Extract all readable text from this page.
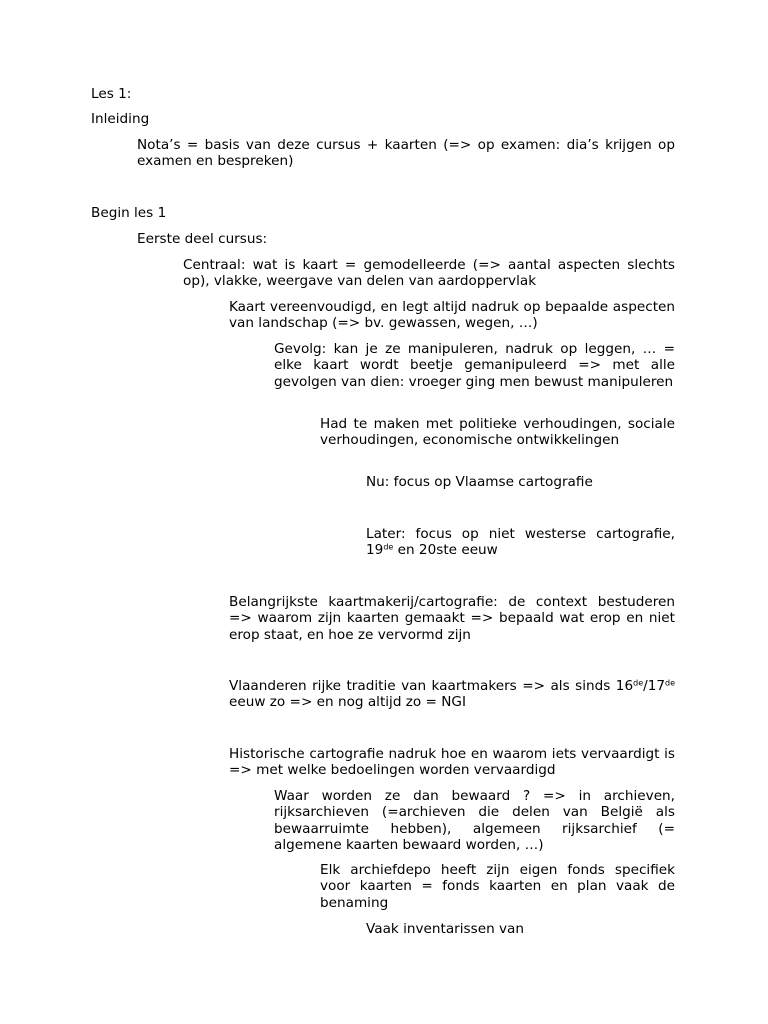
Les 1:

Inleiding

Nota’s = basis van deze cursus + kaarten (=> op examen: dia’s krijgen op examen en bespreken)

Begin les 1

Eerste deel cursus:

Centraal: wat is kaart = gemodelleerde (=> aantal aspecten slechts op), vlakke, weergave van delen van aardoppervlak

Kaart vereenvoudigd, en legt altijd nadruk op bepaalde aspecten van landschap (=> bv. gewassen, wegen, …)

Gevolg: kan je ze manipuleren, nadruk op leggen, … = elke kaart wordt beetje gemanipuleerd => met alle gevolgen van dien: vroeger ging men bewust manipuleren

Had te maken met politieke verhoudingen, sociale verhoudingen, economische ontwikkelingen

Nu: focus op Vlaamse cartografie

Later: focus op niet westerse cartografie, 19de en 20ste eeuw

Belangrijkste kaartmakerij/cartografie: de context bestuderen => waarom zijn kaarten gemaakt => bepaald wat erop en niet erop staat, en hoe ze vervormd zijn

Vlaanderen rijke traditie van kaartmakers => als sinds 16de/17de eeuw zo => en nog altijd zo = NGI

Historische cartografie nadruk hoe en waarom iets vervaardigt is => met welke bedoelingen worden vervaardigd

Waar worden ze dan bewaard ? => in archieven, rijksarchieven (=archieven die delen van België als bewaarruimte hebben), algemeen rijksarchief (= algemene kaarten bewaard worden, …)

Elk archiefdepo heeft zijn eigen fonds specifiek voor kaarten = fonds kaarten en plan vaak de benaming

Vaak inventarissen van
